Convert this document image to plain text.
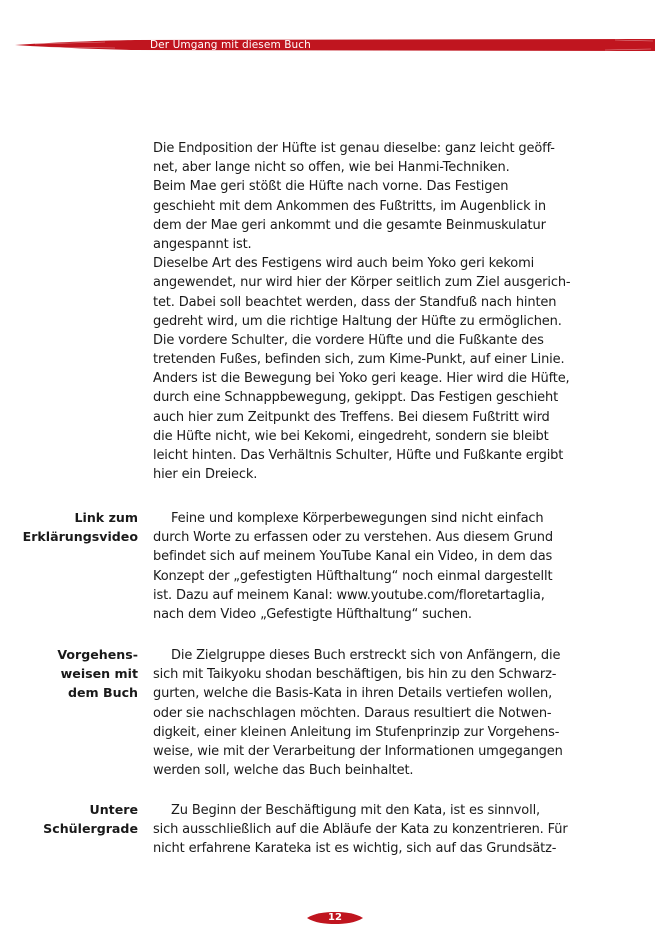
Der Umgang mit diesem Buch
Die Endposition der Hüfte ist genau dieselbe: ganz leicht geöff-
net, aber lange nicht so offen, wie bei Hanmi-Techniken.
Beim Mae geri stößt die Hüfte nach vorne. Das Festigen
geschieht mit dem Ankommen des Fußtritts, im Augenblick in
dem der Mae geri ankommt und die gesamte Beinmuskulatur
angespannt ist.
Dieselbe Art des Festigens wird auch beim Yoko geri kekomi
angewendet, nur wird hier der Körper seitlich zum Ziel ausgerich-
tet. Dabei soll beachtet werden, dass der Standfuß nach hinten
gedreht wird, um die richtige Haltung der Hüfte zu ermöglichen.
Die vordere Schulter, die vordere Hüfte und die Fußkante des
tretenden Fußes, befinden sich, zum Kime-Punkt, auf einer Linie.
Anders ist die Bewegung bei Yoko geri keage. Hier wird die Hüfte,
durch eine Schnappbewegung, gekippt. Das Festigen geschieht
auch hier zum Zeitpunkt des Treffens. Bei diesem Fußtritt wird
die Hüfte nicht, wie bei Kekomi, eingedreht, sondern sie bleibt
leicht hinten. Das Verhältnis Schulter, Hüfte und Fußkante ergibt
hier ein Dreieck.
Link zum
Erklärungsvideo
Feine und komplexe Körperbewegungen sind nicht einfach
durch Worte zu erfassen oder zu verstehen. Aus diesem Grund
befindet sich auf meinem YouTube Kanal ein Video, in dem das
Konzept der „gefestigten Hüfthaltung“ noch einmal dargestellt
ist. Dazu auf meinem Kanal: www.youtube.com/floretartaglia,
nach dem Video „Gefestigte Hüfthaltung“ suchen.
Vorgehens-
weisen mit
dem Buch
Die Zielgruppe dieses Buch erstreckt sich von Anfängern, die
sich mit Taikyoku shodan beschäftigen, bis hin zu den Schwarz-
gurten, welche die Basis-Kata in ihren Details vertiefen wollen,
oder sie nachschlagen möchten. Daraus resultiert die Notwen-
digkeit, einer kleinen Anleitung im Stufenprinzip zur Vorgehens-
weise, wie mit der Verarbeitung der Informationen umgegangen
werden soll, welche das Buch beinhaltet.
Untere
Schülergrade
Zu Beginn der Beschäftigung mit den Kata, ist es sinnvoll,
sich ausschließlich auf die Abläufe der Kata zu konzentrieren. Für
nicht erfahrene Karateka ist es wichtig, sich auf das Grundsätz-
12
